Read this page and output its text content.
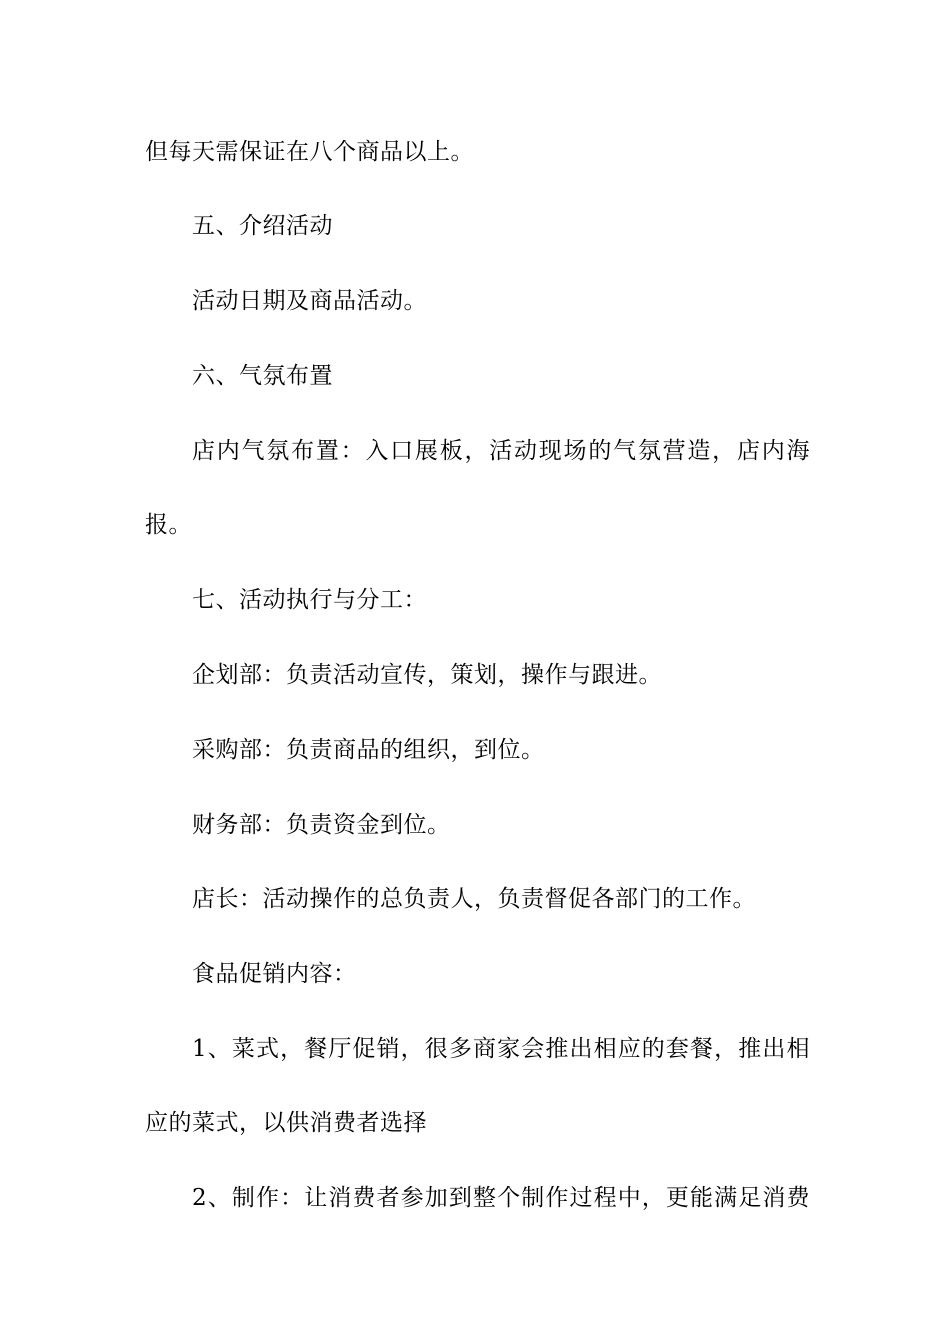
但每天需保证在八个商品以上。
五、介绍活动
活动日期及商品活动。
六、气氛布置
店内气氛布置：入口展板，活动现场的气氛营造，店内海
报。
七、活动执行与分工：
企划部：负责活动宣传，策划，操作与跟进。
采购部：负责商品的组织，到位。
财务部：负责资金到位。
店长：活动操作的总负责人，负责督促各部门的工作。
食品促销内容：
1、菜式，餐厅促销，很多商家会推出相应的套餐，推出相
应的菜式，以供消费者选择
2、制作：让消费者参加到整个制作过程中，更能满足消费
